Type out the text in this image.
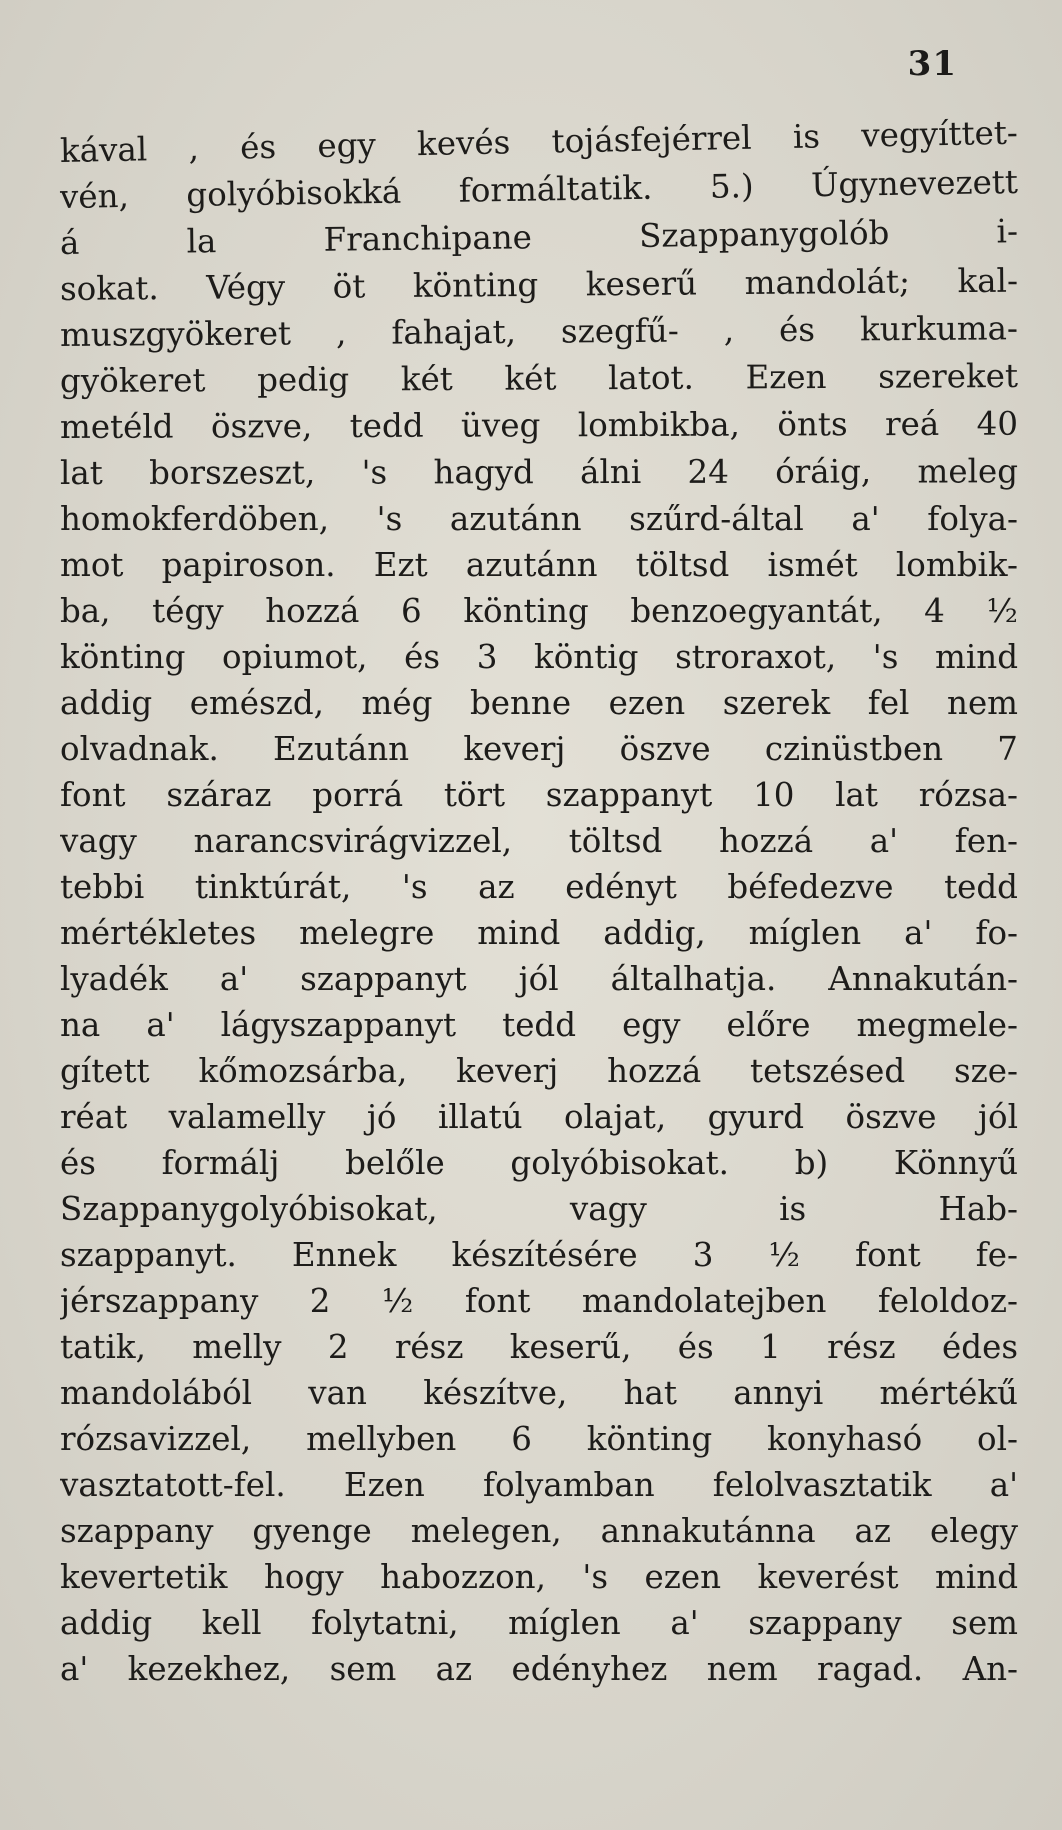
31
kával , és egy kevés tojásfejérrel is vegyíttet-
vén, golyóbisokká formáltatik. 5.) Úgynevezett
á la Franchipane Szappanygolób i-
sokat. Végy öt könting keserű mandolát; kal-
muszgyökeret , fahajat, szegfű- , és kurkuma-
gyökeret pedig két két latot. Ezen szereket
metéld öszve, tedd üveg lombikba, önts reá 40
lat borszeszt, 's hagyd álni 24 óráig, meleg
homokferdöben, 's azutánn szűrd-által a' folya-
mot papiroson. Ezt azutánn töltsd ismét lombik-
ba, tégy hozzá 6 könting benzoegyantát, 4 ½
könting opiumot, és 3 köntig stroraxot, 's mind
addig emészd, még benne ezen szerek fel nem
olvadnak. Ezutánn keverj öszve czinüstben 7
font száraz porrá tört szappanyt 10 lat rózsa-
vagy narancsvirágvizzel, töltsd hozzá a' fen-
tebbi tinktúrát, 's az edényt béfedezve tedd
mértékletes melegre mind addig, míglen a' fo-
lyadék a' szappanyt jól általhatja. Annakután-
na a' lágyszappanyt tedd egy előre megmele-
gített kőmozsárba, keverj hozzá tetszésed sze-
réat valamelly jó illatú olajat, gyurd öszve jól
és formálj belőle golyóbisokat. b) Könnyű
Szappanygolyóbisokat, vagy is Hab-
szappanyt. Ennek készítésére 3 ½ font fe-
jérszappany 2 ½ font mandolatejben feloldoz-
tatik, melly 2 rész keserű, és 1 rész édes
mandolából van készítve, hat annyi mértékű
rózsavizzel, mellyben 6 könting konyhasó ol-
vasztatott-fel. Ezen folyamban felolvasztatik a'
szappany gyenge melegen, annakutánna az elegy
kevertetik hogy habozzon, 's ezen keverést mind
addig kell folytatni, míglen a' szappany sem
a' kezekhez, sem az edényhez nem ragad. An-
